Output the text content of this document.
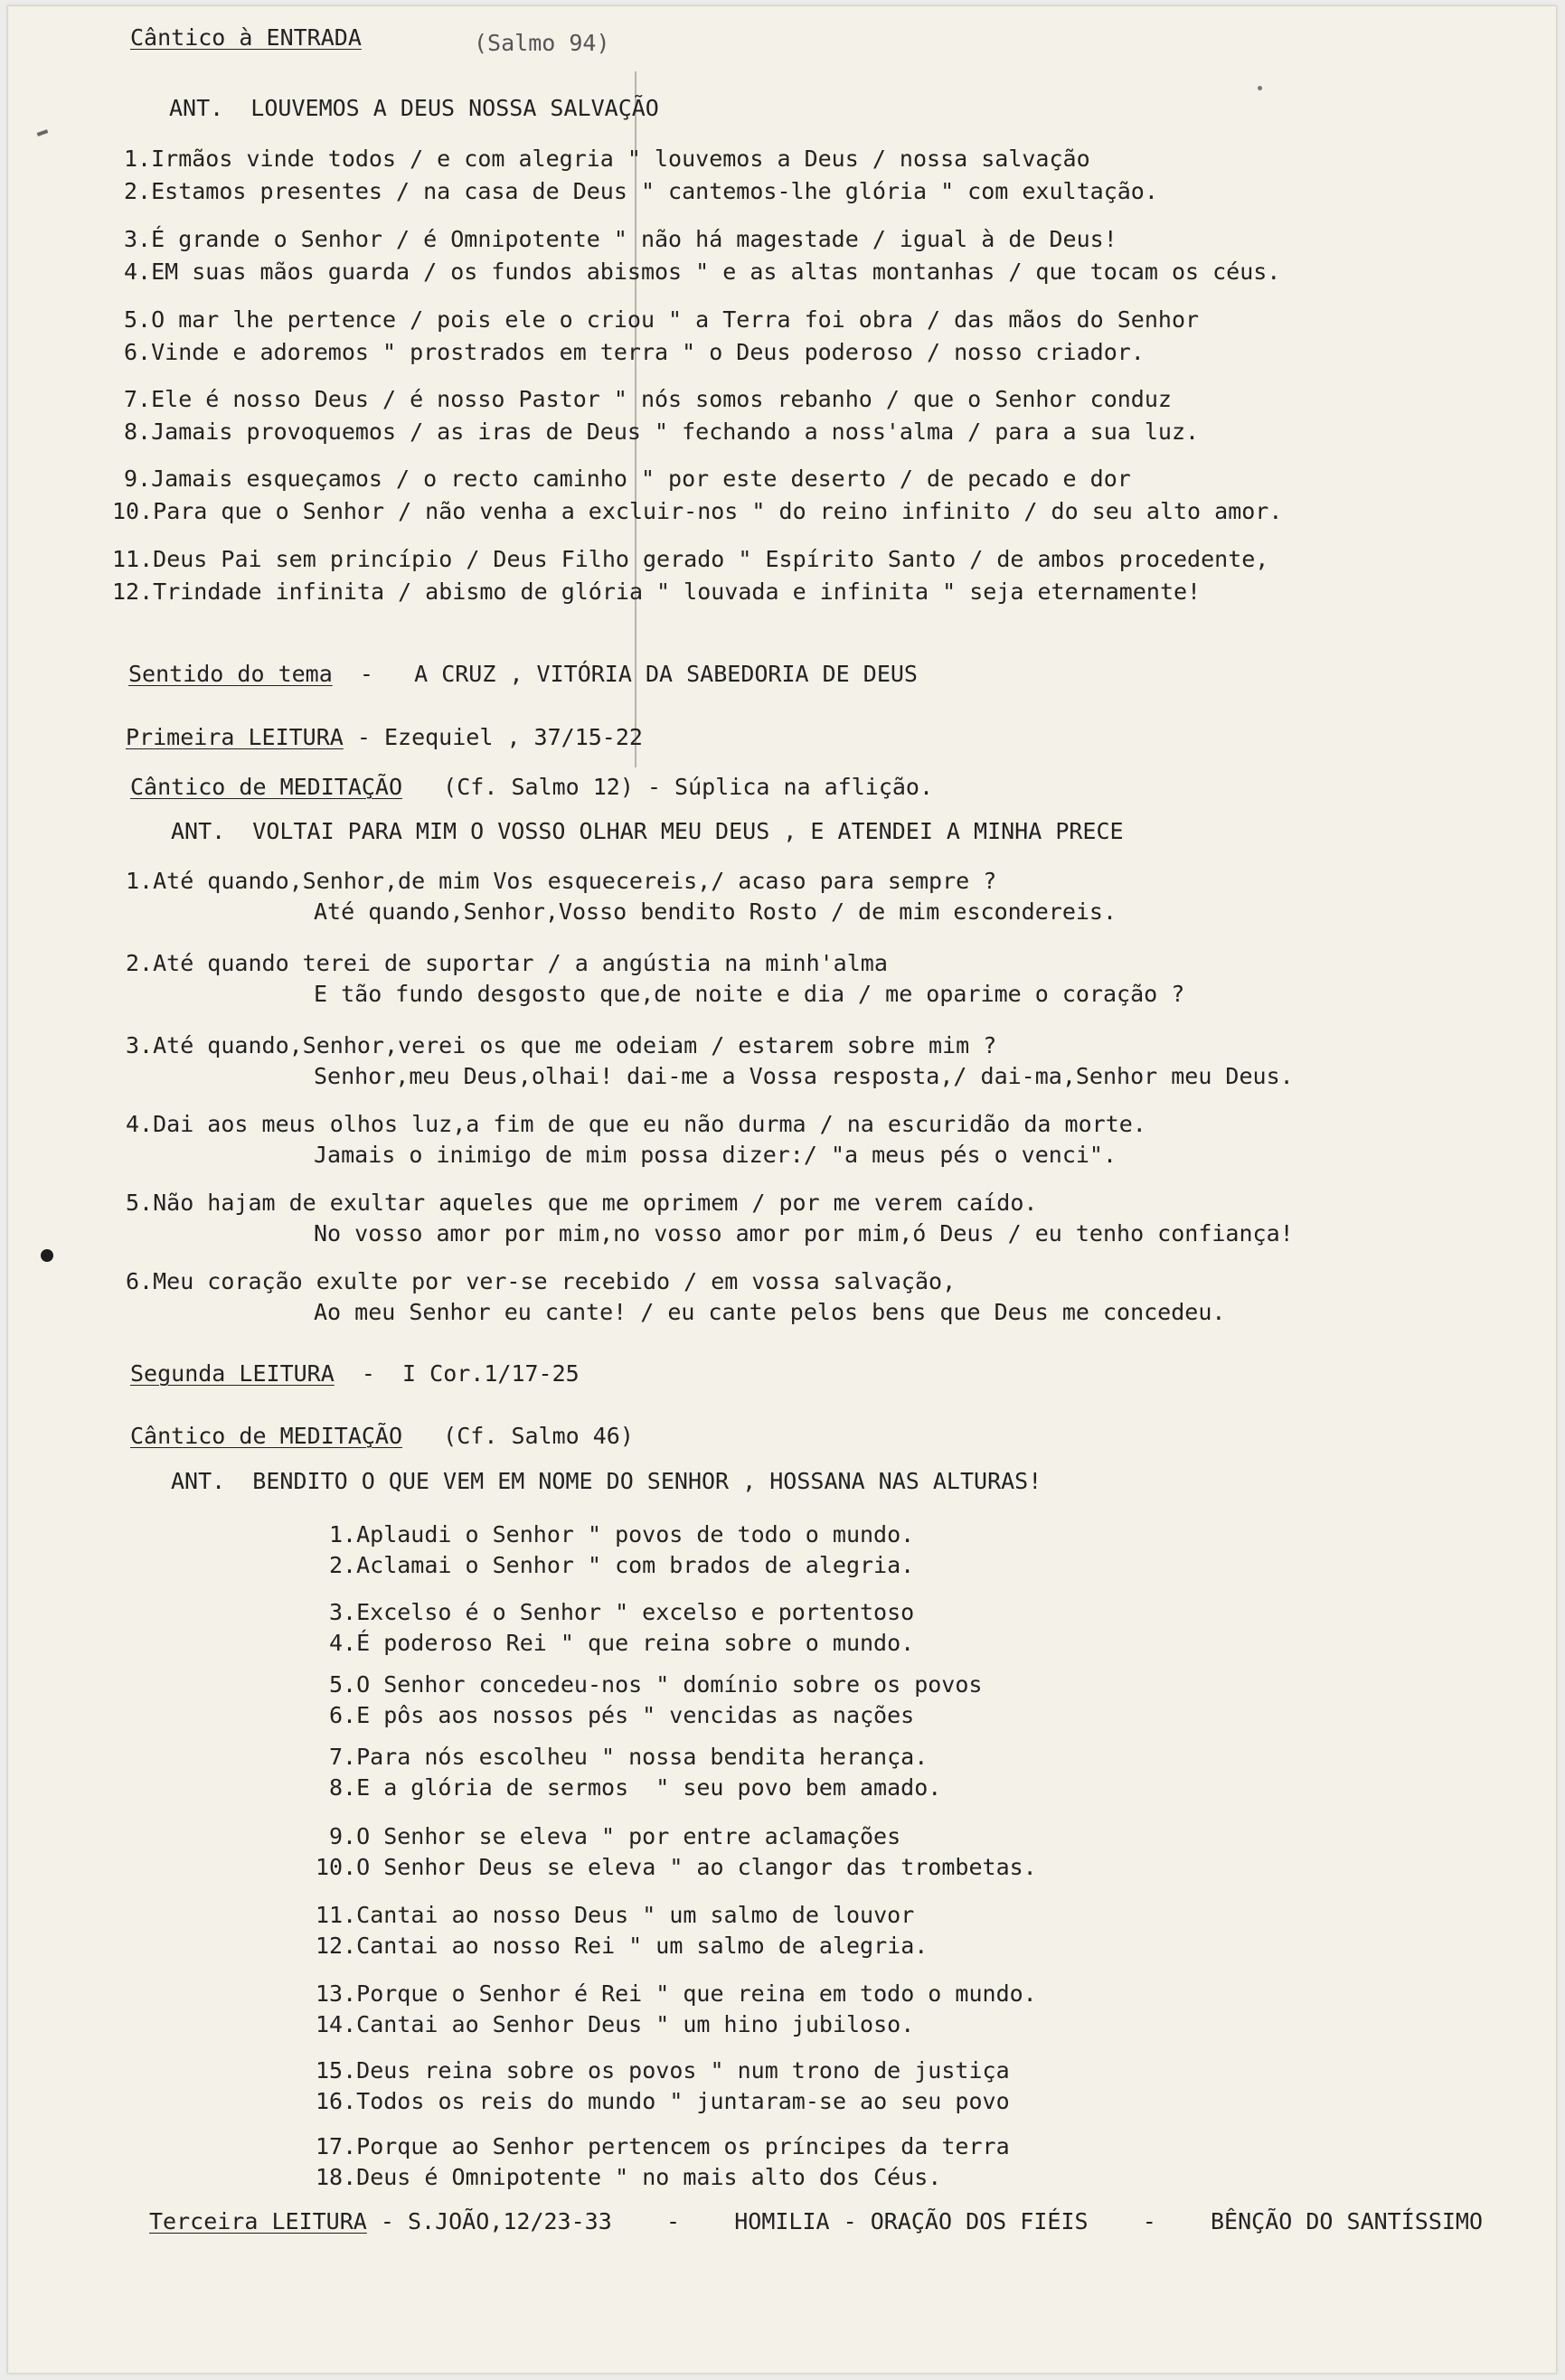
Cântico à ENTRADA	(Salmo 94)
ANT.  LOUVEMOS A DEUS NOSSA SALVAÇÃO
1.Irmãos vinde todos / e com alegria " louvemos a Deus / nossa salvação
2.Estamos presentes / na casa de Deus " cantemos-lhe glória " com exultação.
3.É grande o Senhor / é Omnipotente " não há magestade / igual à de Deus!
4.EM suas mãos guarda / os fundos abismos " e as altas montanhas / que tocam os céus.
5.O mar lhe pertence / pois ele o criou " a Terra foi obra / das mãos do Senhor
6.Vinde e adoremos " prostrados em terra " o Deus poderoso / nosso criador.
7.Ele é nosso Deus / é nosso Pastor " nós somos rebanho / que o Senhor conduz
8.Jamais provoquemos / as iras de Deus " fechando a noss'alma / para a sua luz.
9.Jamais esqueçamos / o recto caminho " por este deserto / de pecado e dor
10.Para que o Senhor / não venha a excluir-nos " do reino infinito / do seu alto amor.
11.Deus Pai sem princípio / Deus Filho gerado " Espírito Santo / de ambos procedente,
12.Trindade infinita / abismo de glória " louvada e infinita " seja eternamente!
Sentido do tema  -   A CRUZ , VITÓRIA DA SABEDORIA DE DEUS
Primeira LEITURA - Ezequiel , 37/15-22
Cântico de MEDITAÇÃO   (Cf. Salmo 12) - Súplica na aflição.
ANT.  VOLTAI PARA MIM O VOSSO OLHAR MEU DEUS , E ATENDEI A MINHA PRECE
1.Até quando,Senhor,de mim Vos esquecereis,/ acaso para sempre ?
Até quando,Senhor,Vosso bendito Rosto / de mim escondereis.
2.Até quando terei de suportar / a angústia na minh'alma
E tão fundo desgosto que,de noite e dia / me oparime o coração ?
3.Até quando,Senhor,verei os que me odeiam / estarem sobre mim ?
Senhor,meu Deus,olhai! dai-me a Vossa resposta,/ dai-ma,Senhor meu Deus.
4.Dai aos meus olhos luz,a fim de que eu não durma / na escuridão da morte.
Jamais o inimigo de mim possa dizer:/ "a meus pés o venci".
5.Não hajam de exultar aqueles que me oprimem / por me verem caído.
No vosso amor por mim,no vosso amor por mim,ó Deus / eu tenho confiança!
6.Meu coração exulte por ver-se recebido / em vossa salvação,
Ao meu Senhor eu cante! / eu cante pelos bens que Deus me concedeu.
Segunda LEITURA  -  I Cor.1/17-25
Cântico de MEDITAÇÃO   (Cf. Salmo 46)
ANT.  BENDITO O QUE VEM EM NOME DO SENHOR , HOSSANA NAS ALTURAS!
1.Aplaudi o Senhor " povos de todo o mundo.
2.Aclamai o Senhor " com brados de alegria.
3.Excelso é o Senhor " excelso e portentoso
4.É poderoso Rei " que reina sobre o mundo.
5.O Senhor concedeu-nos " domínio sobre os povos
6.E pôs aos nossos pés " vencidas as nações
7.Para nós escolheu " nossa bendita herança.
8.E a glória de sermos  " seu povo bem amado.
9.O Senhor se eleva " por entre aclamações
10.O Senhor Deus se eleva " ao clangor das trombetas.
11.Cantai ao nosso Deus " um salmo de louvor
12.Cantai ao nosso Rei " um salmo de alegria.
13.Porque o Senhor é Rei " que reina em todo o mundo.
14.Cantai ao Senhor Deus " um hino jubiloso.
15.Deus reina sobre os povos " num trono de justiça
16.Todos os reis do mundo " juntaram-se ao seu povo
17.Porque ao Senhor pertencem os príncipes da terra
18.Deus é Omnipotente " no mais alto dos Céus.
Terceira LEITURA - S.JOÃO,12/23-33    -    HOMILIA - ORAÇÃO DOS FIÉIS    -    BÊNÇÃO DO SANTÍSSIMO
